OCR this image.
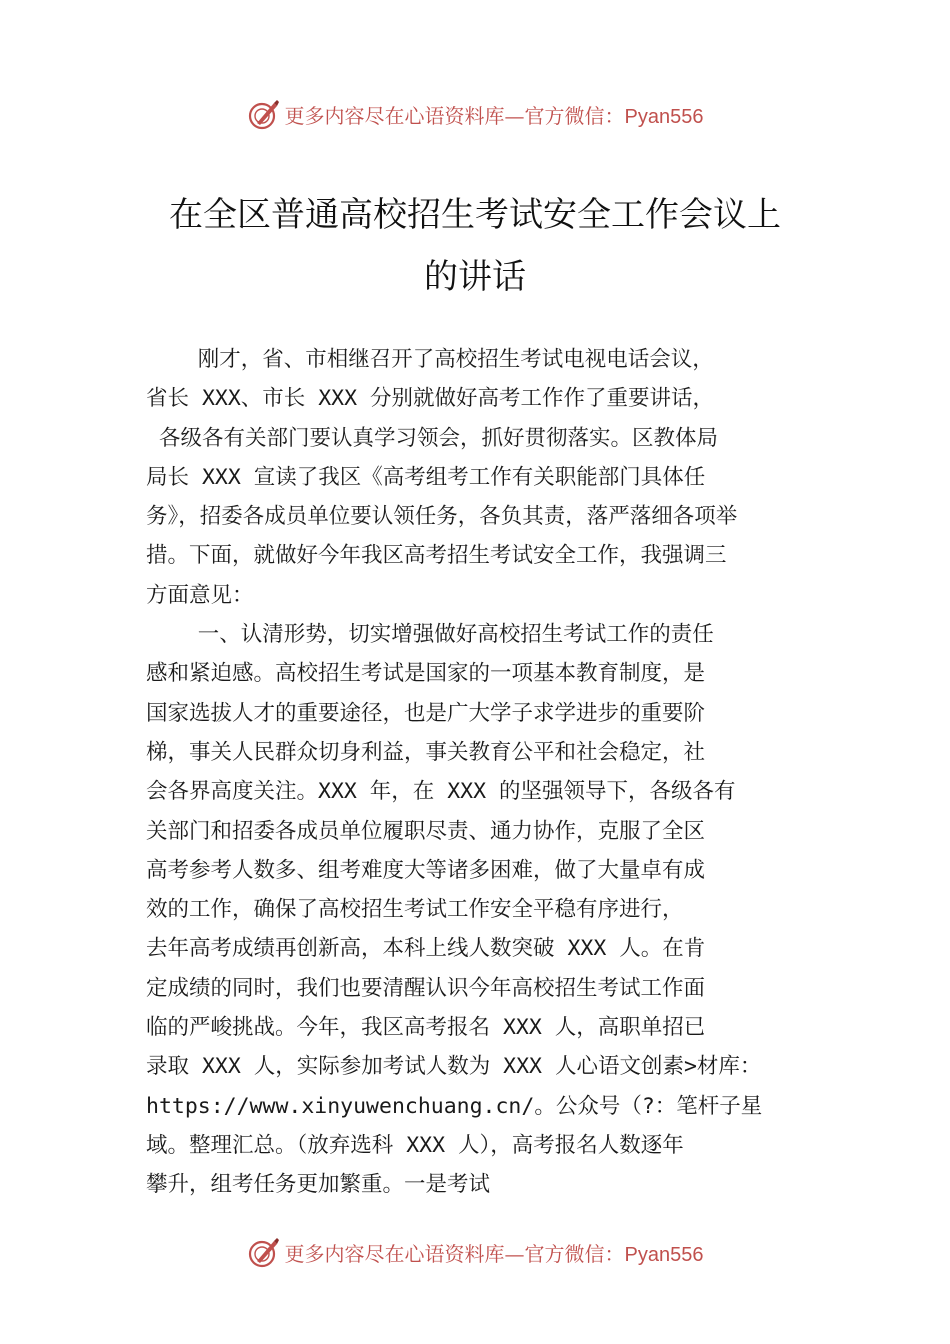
更多内容尽在心语资料库—官方微信：Pyan556
在全区普通高校招生考试安全工作会议上
的讲话
刚才，省、市相继召开了高校招生考试电视电话会议，
省长 XXX、市长 XXX 分别就做好高考工作作了重要讲话，
各级各有关部门要认真学习领会，抓好贯彻落实。区教体局
局长 XXX 宣读了我区《高考组考工作有关职能部门具体任
务》，招委各成员单位要认领任务，各负其责，落严落细各项举
措。下面，就做好今年我区高考招生考试安全工作，我强调三
方面意见：
一、认清形势，切实增强做好高校招生考试工作的责任
感和紧迫感。高校招生考试是国家的一项基本教育制度，是
国家选拔人才的重要途径，也是广大学子求学进步的重要阶
梯，事关人民群众切身利益，事关教育公平和社会稳定，社
会各界高度关注。XXX 年，在 XXX 的坚强领导下，各级各有
关部门和招委各成员单位履职尽责、通力协作，克服了全区
高考参考人数多、组考难度大等诸多困难，做了大量卓有成
效的工作，确保了高校招生考试工作安全平稳有序进行，
去年高考成绩再创新高，本科上线人数突破 XXX 人。在肯
定成绩的同时，我们也要清醒认识今年高校招生考试工作面
临的严峻挑战。今年，我区高考报名 XXX 人，高职单招已
录取 XXX 人，实际参加考试人数为 XXX 人心语文创素>材库：
https://www.xinyuwenchuang.cn/。公众号（?：笔杆子星
域。整理汇总。（放弃选科 XXX 人），高考报名人数逐年
攀升，组考任务更加繁重。一是考试
更多内容尽在心语资料库—官方微信：Pyan556
